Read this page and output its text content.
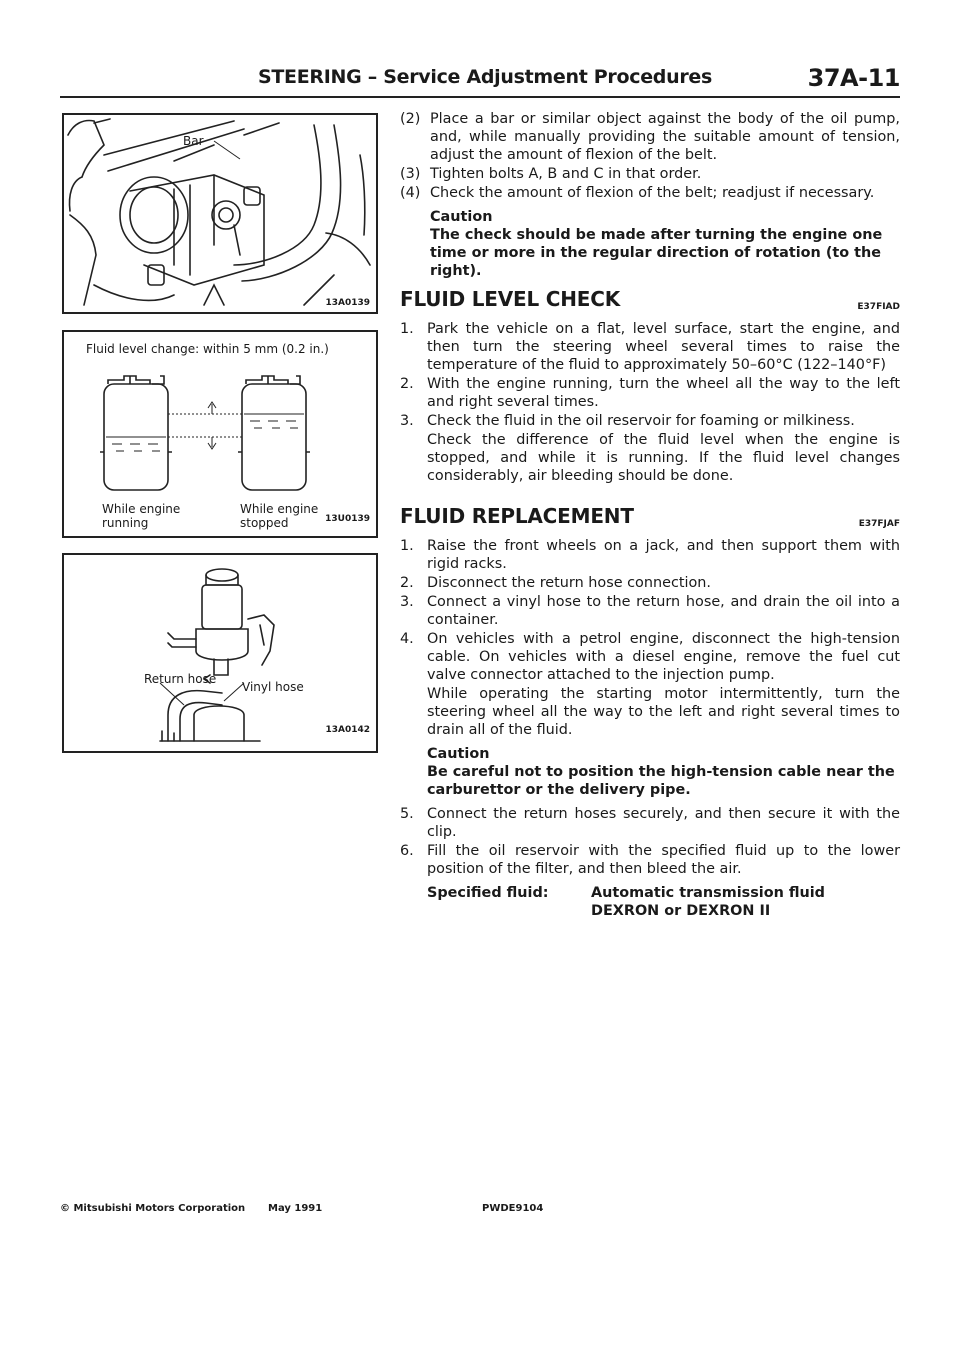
STEERING – Service Adjustment Procedures	37A-11
Bar
13A0139
Fluid level change: within 5 mm (0.2 in.)
While engine
running
While engine
stopped	13U0139
Return hose
Vinyl hose
13A0142
(2) Place a bar or similar object against the body of the oil pump, and, while manually providing the suitable amount of tension, adjust the amount of flexion of the belt.
(3) Tighten bolts A, B and C in that order.
(4) Check the amount of flexion of the belt; readjust if necessary.
Caution
The check should be made after turning the engine one time or more in the regular direction of rotation (to the right).
FLUID LEVEL CHECK	E37FIAD
1. Park the vehicle on a flat, level surface, start the engine, and then turn the steering wheel several times to raise the temperature of the fluid to approximately 50–60°C (122–140°F)
2. With the engine running, turn the wheel all the way to the left and right several times.
3. Check the fluid in the oil reservoir for foaming or milkiness.
Check the difference of the fluid level when the engine is stopped, and while it is running. If the fluid level changes considerably, air bleeding should be done.
FLUID REPLACEMENT	E37FJAF
1. Raise the front wheels on a jack, and then support them with rigid racks.
2. Disconnect the return hose connection.
3. Connect a vinyl hose to the return hose, and drain the oil into a container.
4. On vehicles with a petrol engine, disconnect the high-tension cable. On vehicles with a diesel engine, remove the fuel cut valve connector attached to the injection pump.
While operating the starting motor intermittently, turn the steering wheel all the way to the left and right several times to drain all of the fluid.
Caution
Be careful not to position the high-tension cable near the carburettor or the delivery pipe.
5. Connect the return hoses securely, and then secure it with the clip.
6. Fill the oil reservoir with the specified fluid up to the lower position of the filter, and then bleed the air.
Specified fluid:	Automatic transmission fluid
DEXRON or DEXRON II
© Mitsubishi Motors Corporation May 1991	PWDE9104
